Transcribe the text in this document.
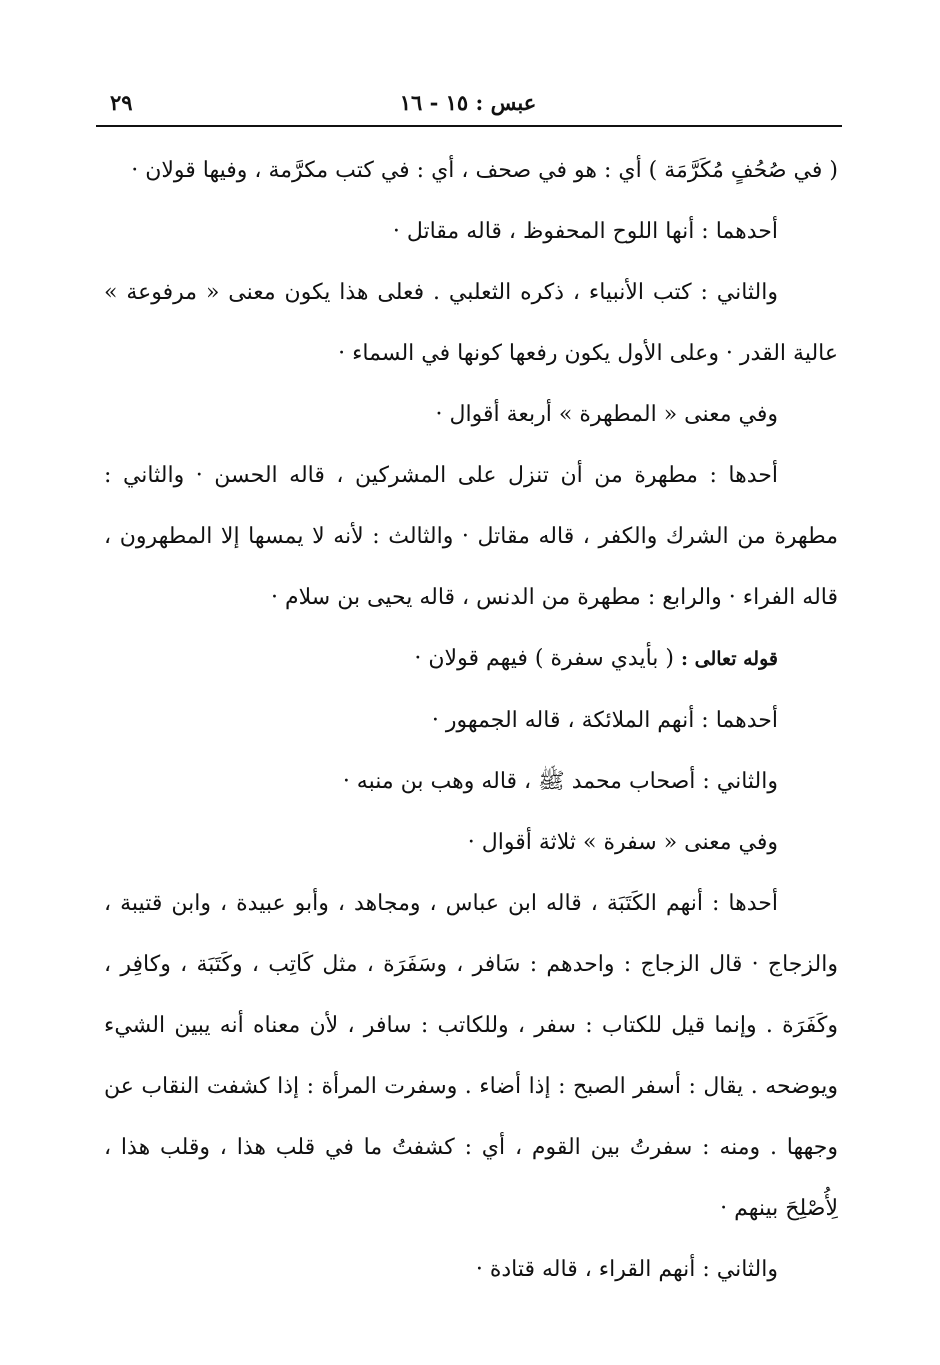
٢٩	عبس : ١٥ - ١٦

( في صُحُفٍ مُكَرَّمَة ) أي : هو في صحف ، أي : في كتب مكرَّمة ، وفيها قولان ·

أحدهما : أنها اللوح المحفوظ ، قاله مقاتل ·

والثاني : كتب الأنبياء ، ذكره الثعلبي . فعلى هذا يكون معنى « مرفوعة » عالية القدر · وعلى الأول يكون رفعها كونها في السماء ·

وفي معنى « المطهرة » أربعة أقوال ·

أحدها : مطهرة من أن تنزل على المشركين ، قاله الحسن · والثاني : مطهرة من الشرك والكفر ، قاله مقاتل · والثالث : لأنه لا يمسها إلا المطهرون ، قاله الفراء · والرابع : مطهرة من الدنس ، قاله يحيى بن سلام ·

قوله تعالى : ( بأيدي سفرة ) فيهم قولان ·

أحدهما : أنهم الملائكة ، قاله الجمهور ·

والثاني : أصحاب محمد ﷺ ، قاله وهب بن منبه ·

وفي معنى « سفرة » ثلاثة أقوال ·

أحدها : أنهم الكَتَبَة ، قاله ابن عباس ، ومجاهد ، وأبو عبيدة ، وابن قتيبة ، والزجاج · قال الزجاج : واحدهم : سَافر ، وسَفَرَة ، مثل كَاتِب ، وكَتَبَة ، وكافِر ، وكَفَرَة . وإنما قيل للكتاب : سفر ، وللكاتب : سافر ، لأن معناه أنه يبين الشيء ويوضحه . يقال : أسفر الصبح : إذا أضاء . وسفرت المرأة : إذا كشفت النقاب عن وجهها . ومنه : سفرتُ بين القوم ، أي : كشفتُ ما في قلب هذا ، وقلب هذا ، لِأُصْلِحَ بينهم ·

والثاني : أنهم القراء ، قاله قتادة ·
